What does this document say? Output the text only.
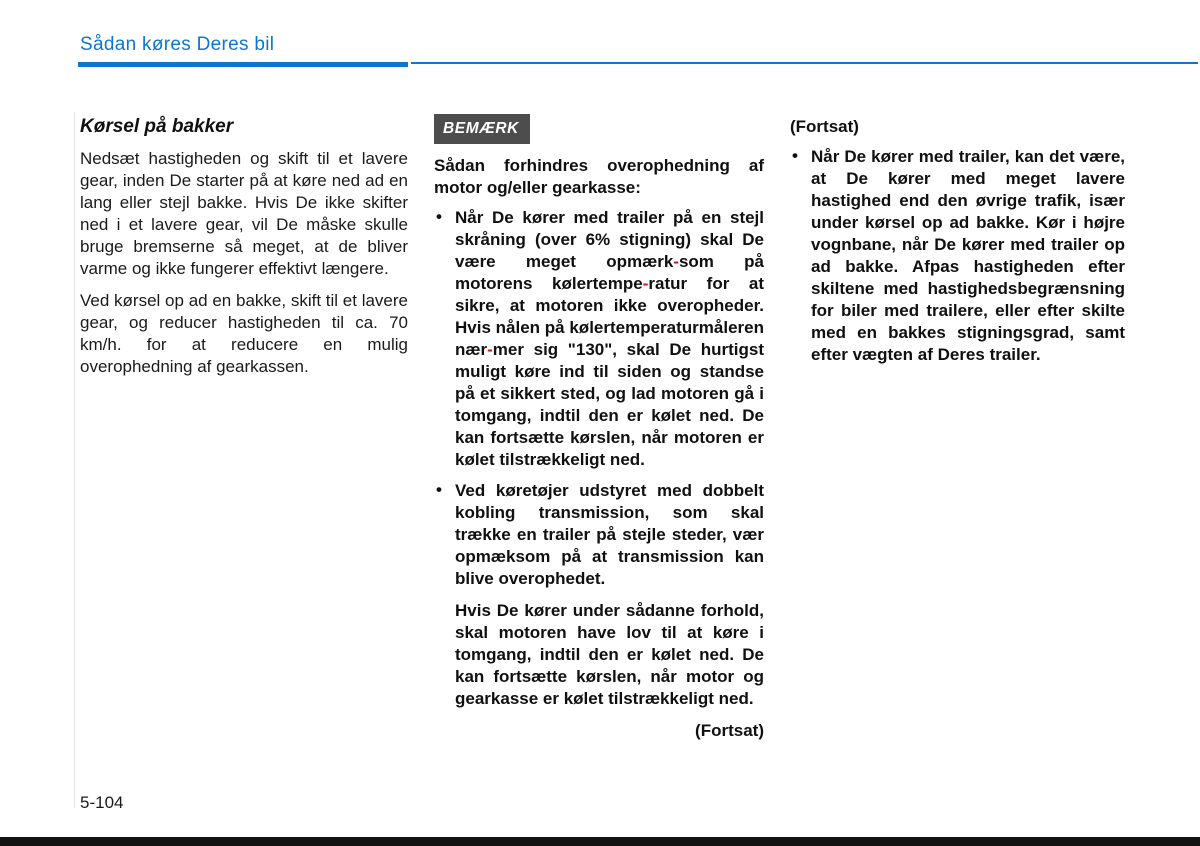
Sådan køres Deres bil
Kørsel på bakker

Nedsæt hastigheden og skift til et lavere gear, inden De starter på at køre ned ad en lang eller stejl bakke. Hvis De ikke skifter ned i et lavere gear, vil De måske skulle bruge bremserne så meget, at de bliver varme og ikke fungerer effektivt længere.

Ved kørsel op ad en bakke, skift til et lavere gear, og reducer hastigheden til ca. 70 km/h. for at reducere en mulig overophedning af gearkassen.

BEMÆRK
Sådan forhindres overophedning af motor og/eller gearkasse:
• Når De kører med trailer på en stejl skråning (over 6% stigning) skal De være meget opmærk-som på motorens kølertempe-ratur for at sikre, at motoren ikke overopheder. Hvis nålen på kølertemperaturmåleren nær-mer sig "130", skal De hurtigst muligt køre ind til siden og standse på et sikkert sted, og lad motoren gå i tomgang, indtil den er kølet ned. De kan fortsætte kørslen, når motoren er kølet tilstrækkeligt ned.
• Ved køretøjer udstyret med dobbelt kobling transmission, som skal trække en trailer på stejle steder, vær opmæksom på at transmission kan blive overophedet.

Hvis De kører under sådanne forhold, skal motoren have lov til at køre i tomgang, indtil den er kølet ned. De kan fortsætte kørslen, når motor og gearkasse er kølet tilstrækkeligt ned.

(Fortsat)
(Fortsat)
• Når De kører med trailer, kan det være, at De kører med meget lavere hastighed end den øvrige trafik, især under kørsel op ad bakke. Kør i højre vognbane, når De kører med trailer op ad bakke. Afpas hastigheden efter skiltene med hastighedsbegrænsning for biler med trailere, eller efter skilte med en bakkes stigningsgrad, samt efter vægten af Deres trailer.
5-104
